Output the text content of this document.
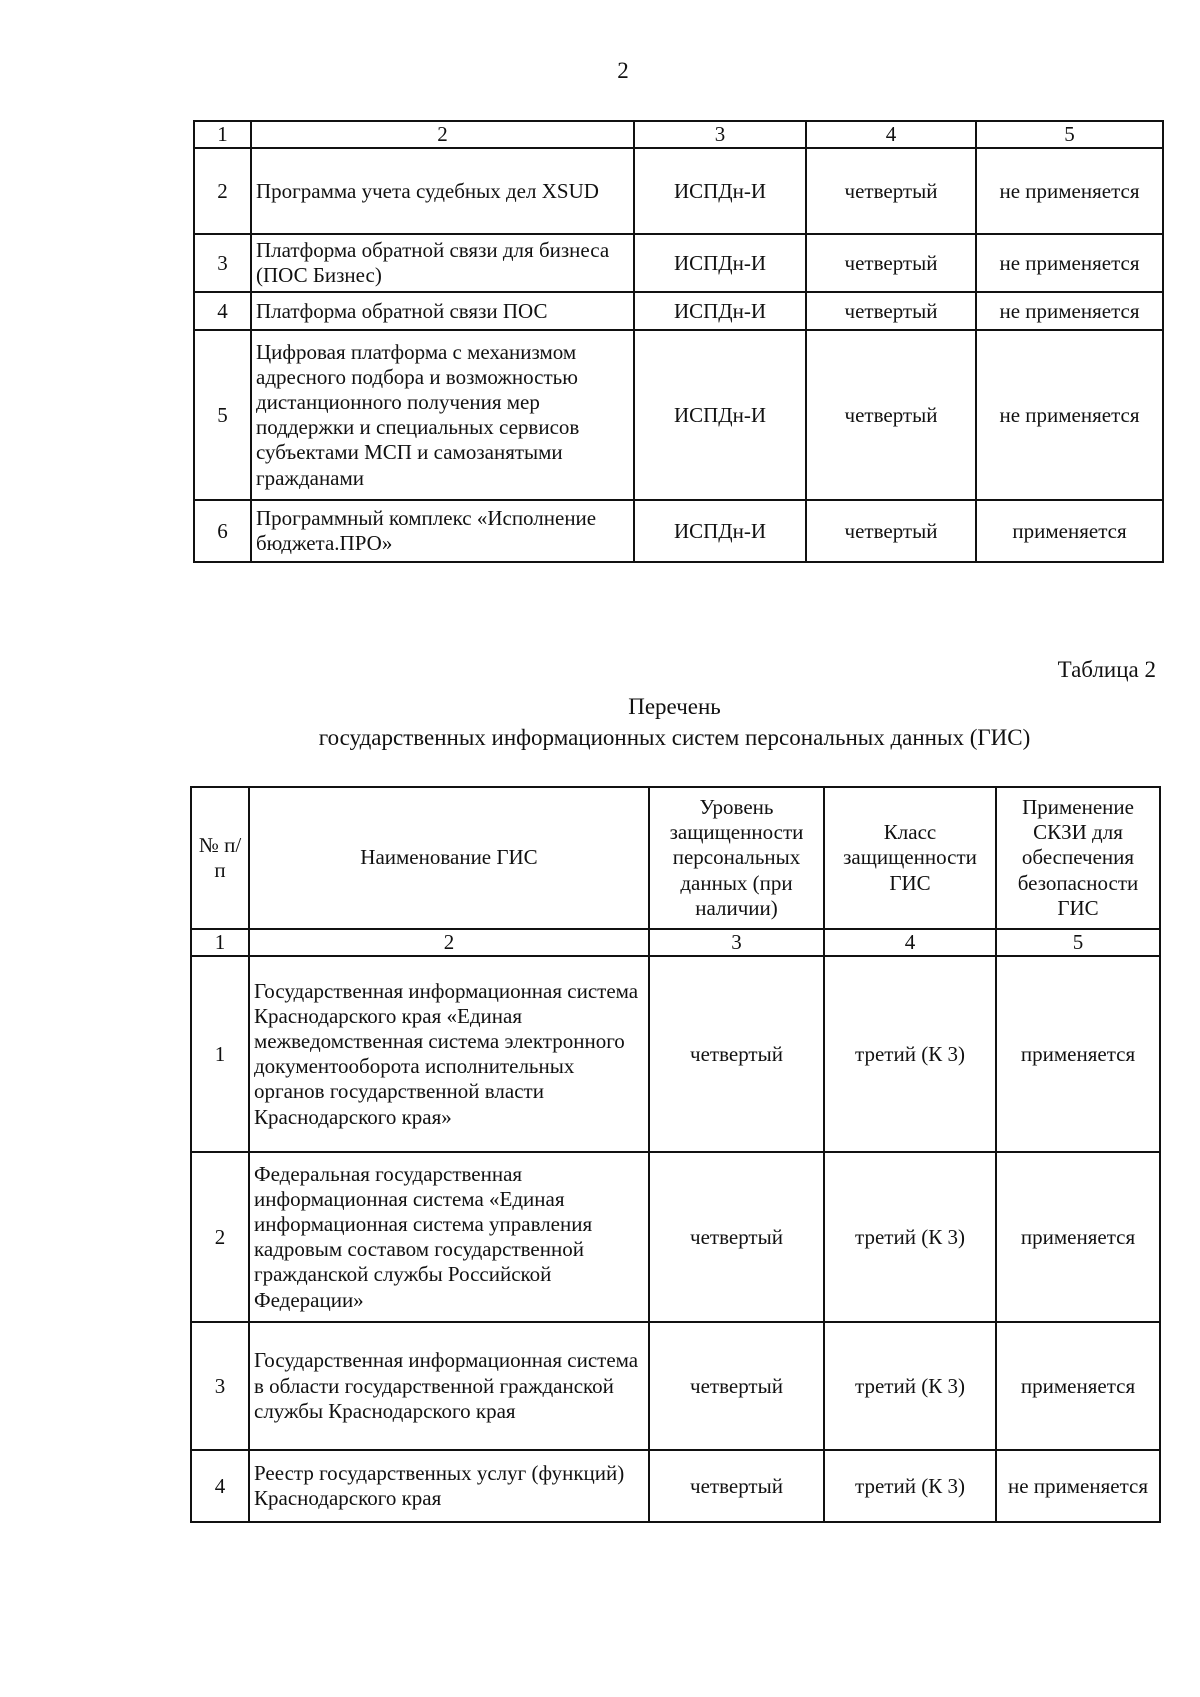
2
1	2	3	4	5
2	Программа учета судебных дел XSUD	ИСПДн-И	четвертый	не применяется
3	Платформа обратной связи для бизнеса (ПОС Бизнес)	ИСПДн-И	четвертый	не применяется
4	Платформа обратной связи ПОС	ИСПДн-И	четвертый	не применяется
5	Цифровая платформа с механизмом адресного подбора и возможностью дистанционного получения мер поддержки и специальных сервисов субъектами МСП и самозанятыми гражданами	ИСПДн-И	четвертый	не применяется
6	Программный комплекс «Исполнение бюджета.ПРО»	ИСПДн-И	четвертый	применяется
Таблица 2
Перечень
государственных информационных систем персональных данных (ГИС)
№ п/п	Наименование ГИС	Уровень защищенности персональных данных (при наличии)	Класс защищенности ГИС	Применение СКЗИ для обеспечения безопасности ГИС
1	2	3	4	5
1	Государственная информационная система Краснодарского края «Единая межведомственная система электронного документооборота исполнительных органов государственной власти Краснодарского края»	четвертый	третий (К 3)	применяется
2	Федеральная государственная информационная система «Единая информационная система управления кадровым составом государственной гражданской службы Российской Федерации»	четвертый	третий (К 3)	применяется
3	Государственная информационная система в области государственной гражданской службы Краснодарского края	четвертый	третий (К 3)	применяется
4	Реестр государственных услуг (функций) Краснодарского края	четвертый	третий (К 3)	не применяется
